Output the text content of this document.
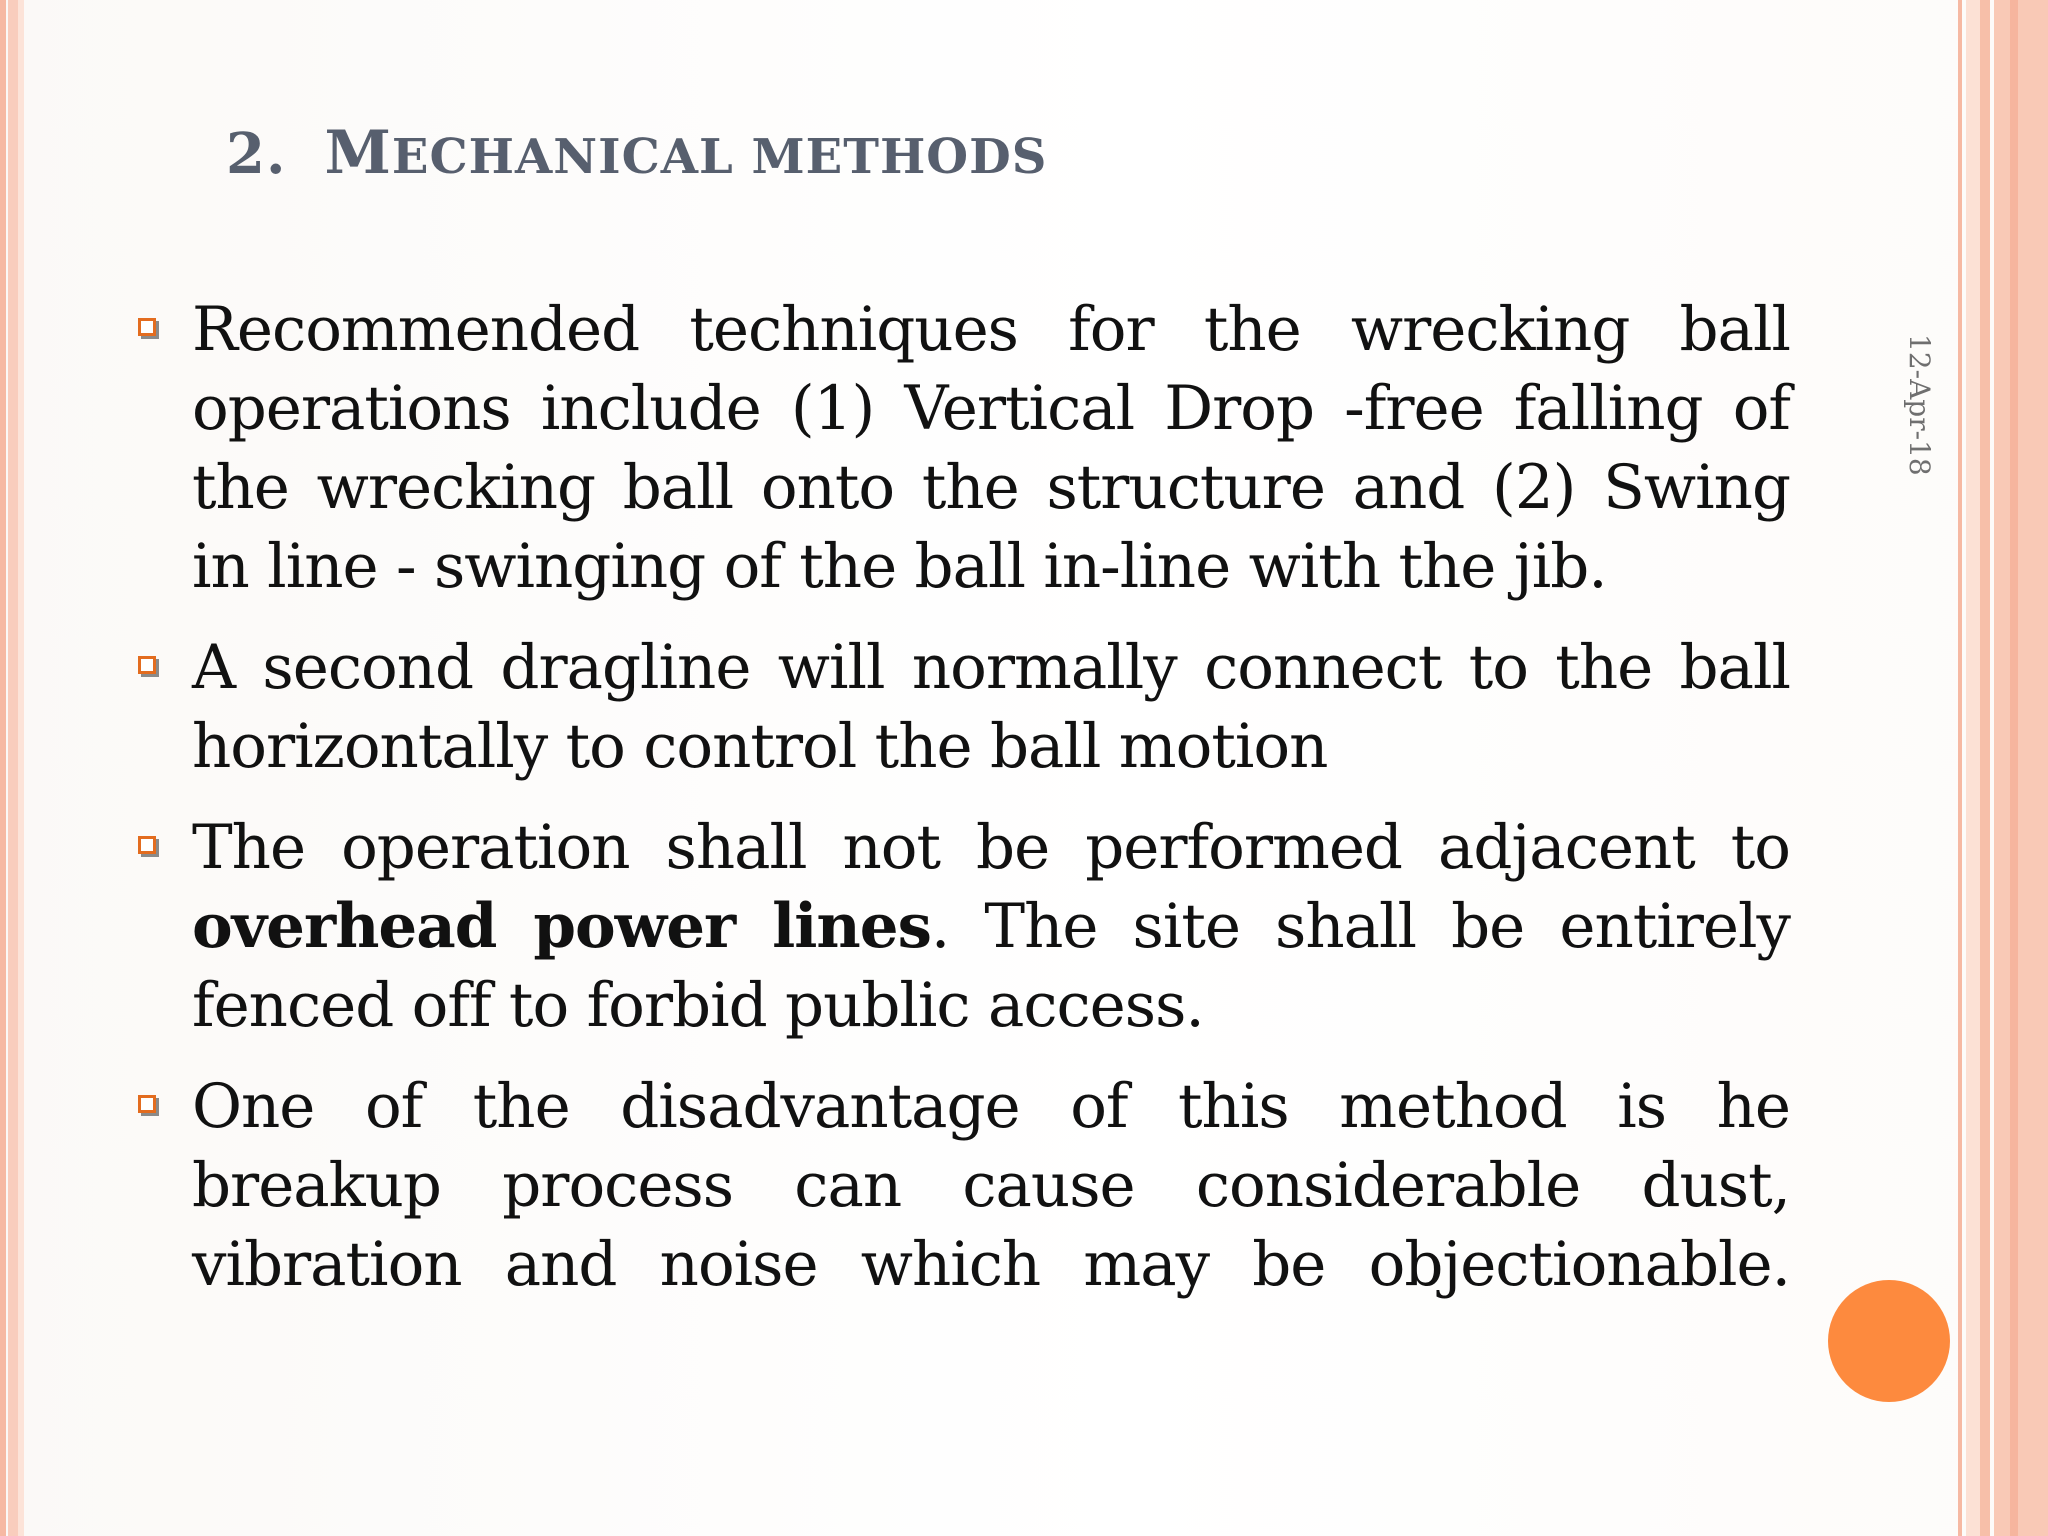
2. MECHANICAL METHODS
12-Apr-18
Recommended techniques for the wrecking ball operations include (1) Vertical Drop -free falling of the wrecking ball onto the structure and (2) Swing in line - swinging of the ball in-line with the jib.
A second dragline will normally connect to the ball horizontally to control the ball motion
The operation shall not be performed adjacent to overhead power lines. The site shall be entirely fenced off to forbid public access.
One of the disadvantage of this method is he breakup process can cause considerable dust, vibration and noise which may be objectionable.
